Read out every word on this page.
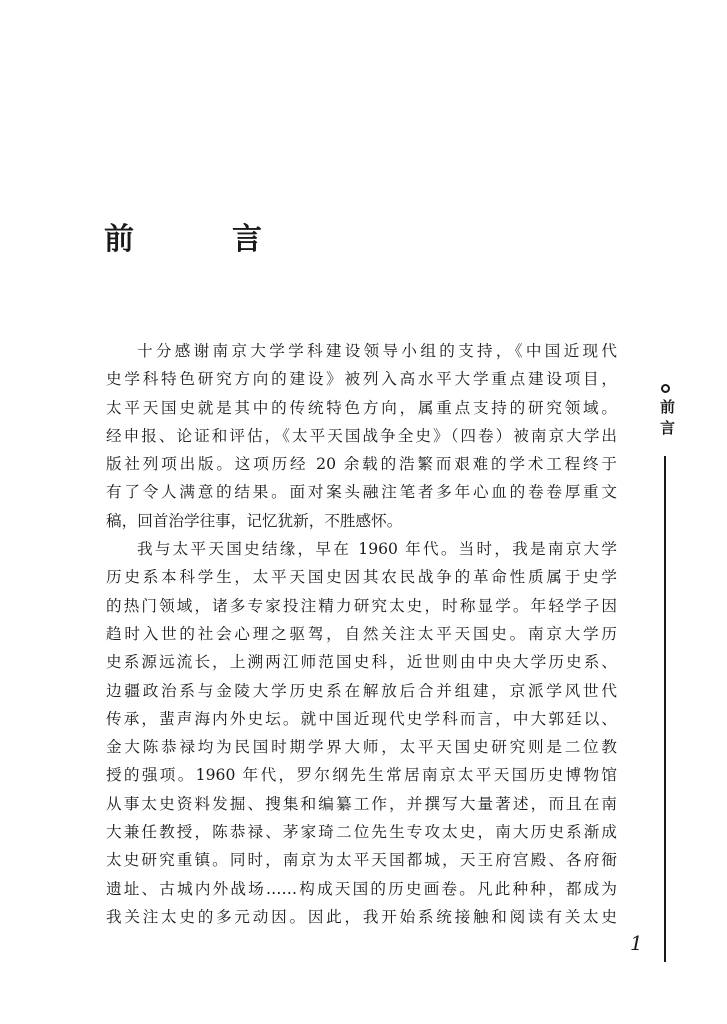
前　言
十分感谢南京大学学科建设领导小组的支持，《中国近现代
史学科特色研究方向的建设》被列入高水平大学重点建设项目，
太平天国史就是其中的传统特色方向，属重点支持的研究领域。
经申报、论证和评估，《太平天国战争全史》（四卷）被南京大学出
版社列项出版。这项历经 20 余载的浩繁而艰难的学术工程终于
有了令人满意的结果。面对案头融注笔者多年心血的卷卷厚重文
稿，回首治学往事，记忆犹新，不胜感怀。
我与太平天国史结缘，早在 1960 年代。当时，我是南京大学
历史系本科学生，太平天国史因其农民战争的革命性质属于史学
的热门领域，诸多专家投注精力研究太史，时称显学。年轻学子因
趋时入世的社会心理之驱驾，自然关注太平天国史。南京大学历
史系源远流长，上溯两江师范国史科，近世则由中央大学历史系、
边疆政治系与金陵大学历史系在解放后合并组建，京派学风世代
传承，蜚声海内外史坛。就中国近现代史学科而言，中大郭廷以、
金大陈恭禄均为民国时期学界大师，太平天国史研究则是二位教
授的强项。1960 年代，罗尔纲先生常居南京太平天国历史博物馆
从事太史资料发掘、搜集和编纂工作，并撰写大量著述，而且在南
大兼任教授，陈恭禄、茅家琦二位先生专攻太史，南大历史系渐成
太史研究重镇。同时，南京为太平天国都城，天王府宫殿、各府衙
遗址、古城内外战场……构成天国的历史画卷。凡此种种，都成为
我关注太史的多元动因。因此，我开始系统接触和阅读有关太史
前言
1
